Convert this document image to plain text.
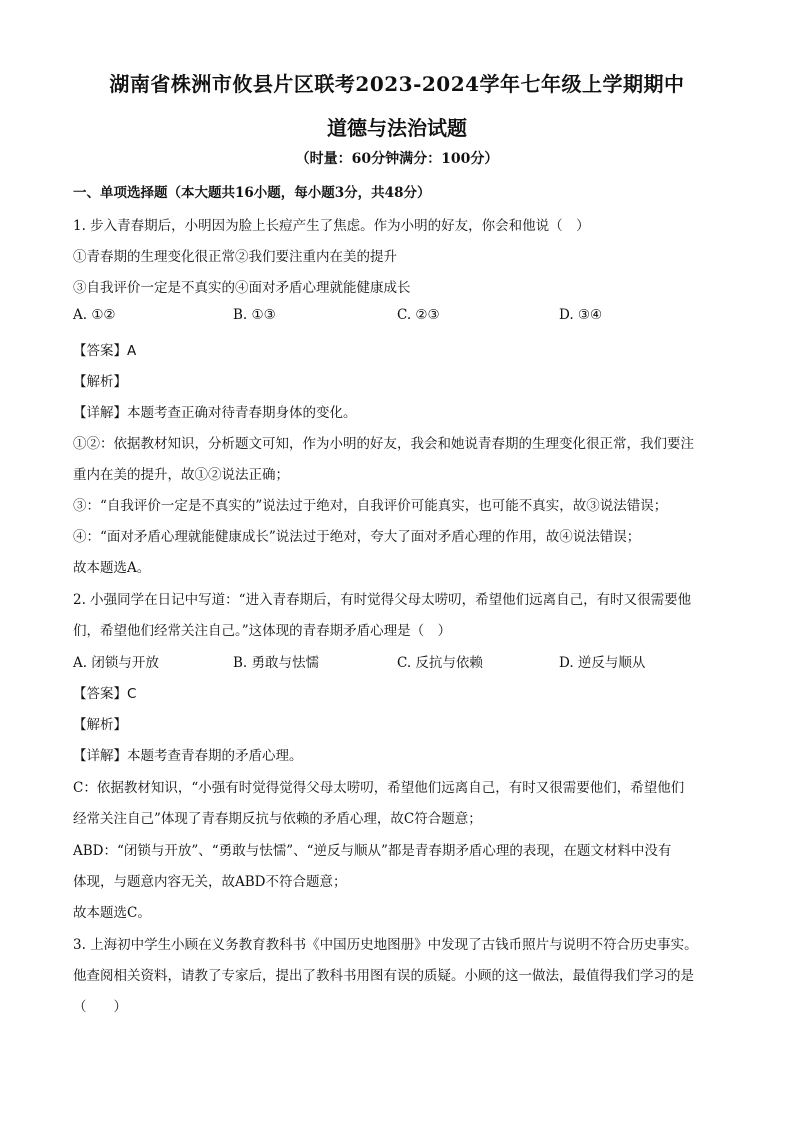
湖南省株洲市攸县片区联考2023-2024学年七年级上学期期中
道德与法治试题
（时量：60分钟满分：100分）
一、单项选择题（本大题共16小题，每小题3分，共48分）
1. 步入青春期后，小明因为脸上长痘产生了焦虑。作为小明的好友，你会和他说（　）
①青春期的生理变化很正常②我们要注重内在美的提升
③自我评价一定是不真实的④面对矛盾心理就能健康成长
A. ①②	B. ①③	C. ②③	D. ③④
【答案】A
【解析】
【详解】本题考查正确对待青春期身体的变化。
①②：依据教材知识，分析题文可知，作为小明的好友，我会和她说青春期的生理变化很正常，我们要注
重内在美的提升，故①②说法正确；
③：“自我评价一定是不真实的”说法过于绝对，自我评价可能真实，也可能不真实，故③说法错误；
④：“面对矛盾心理就能健康成长”说法过于绝对，夸大了面对矛盾心理的作用，故④说法错误；
故本题选A。
2. 小强同学在日记中写道：“进入青春期后，有时觉得父母太唠叨，希望他们远离自己，有时又很需要他
们，希望他们经常关注自己。”这体现的青春期矛盾心理是（　）
A. 闭锁与开放	B. 勇敢与怯懦	C. 反抗与依赖	D. 逆反与顺从
【答案】C
【解析】
【详解】本题考查青春期的矛盾心理。
C：依据教材知识，“小强有时觉得觉得父母太唠叨，希望他们远离自己，有时又很需要他们，希望他们
经常关注自己”体现了青春期反抗与依赖的矛盾心理，故C符合题意；
ABD：“闭锁与开放”、“勇敢与怯懦”、“逆反与顺从”都是青春期矛盾心理的表现，在题文材料中没有
体现，与题意内容无关，故ABD不符合题意；
故本题选C。
3. 上海初中学生小顾在义务教育教科书《中国历史地图册》中发现了古钱币照片与说明不符合历史事实。
他查阅相关资料，请教了专家后，提出了教科书用图有误的质疑。小顾的这一做法，最值得我们学习的是
（　　）
